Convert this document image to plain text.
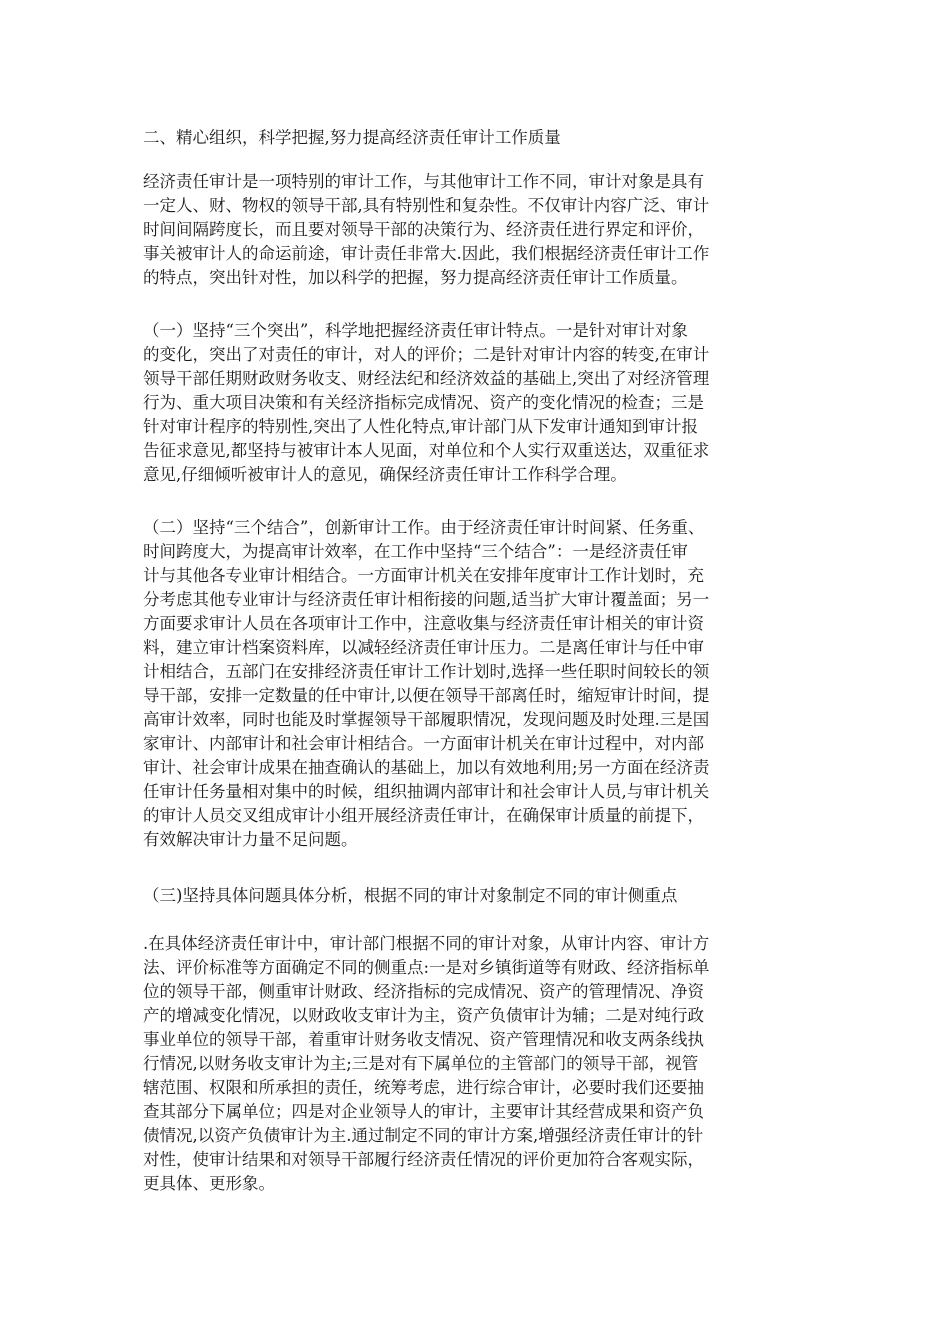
二、精心组织，科学把握,努力提高经济责任审计工作质量

经济责任审计是一项特别的审计工作，与其他审计工作不同，审计对象是具有
一定人、财、物权的领导干部,具有特别性和复杂性。不仅审计内容广泛、审计
时间间隔跨度长，而且要对领导干部的决策行为、经济责任进行界定和评价，
事关被审计人的命运前途，审计责任非常大.因此，我们根据经济责任审计工作
的特点，突出针对性，加以科学的把握，努力提高经济责任审计工作质量。

（一）坚持“三个突出”，科学地把握经济责任审计特点。一是针对审计对象
的变化，突出了对责任的审计，对人的评价；二是针对审计内容的转变,在审计
领导干部任期财政财务收支、财经法纪和经济效益的基础上,突出了对经济管理
行为、重大项目决策和有关经济指标完成情况、资产的变化情况的检查；三是
针对审计程序的特别性,突出了人性化特点,审计部门从下发审计通知到审计报
告征求意见,都坚持与被审计本人见面，对单位和个人实行双重送达，双重征求
意见,仔细倾听被审计人的意见，确保经济责任审计工作科学合理。

（二）坚持“三个结合”，创新审计工作。由于经济责任审计时间紧、任务重、
时间跨度大，为提高审计效率，在工作中坚持“三个结合”：一是经济责任审
计与其他各专业审计相结合。一方面审计机关在安排年度审计工作计划时，充
分考虑其他专业审计与经济责任审计相衔接的问题,适当扩大审计覆盖面；另一
方面要求审计人员在各项审计工作中，注意收集与经济责任审计相关的审计资
料，建立审计档案资料库，以减轻经济责任审计压力。二是离任审计与任中审
计相结合，五部门在安排经济责任审计工作计划时,选择一些任职时间较长的领
导干部，安排一定数量的任中审计,以便在领导干部离任时，缩短审计时间，提
高审计效率，同时也能及时掌握领导干部履职情况，发现问题及时处理.三是国
家审计、内部审计和社会审计相结合。一方面审计机关在审计过程中，对内部
审计、社会审计成果在抽查确认的基础上，加以有效地利用;另一方面在经济责
任审计任务量相对集中的时候，组织抽调内部审计和社会审计人员,与审计机关
的审计人员交叉组成审计小组开展经济责任审计，在确保审计质量的前提下，
有效解决审计力量不足问题。

（三)坚持具体问题具体分析，根据不同的审计对象制定不同的审计侧重点

.在具体经济责任审计中，审计部门根据不同的审计对象，从审计内容、审计方
法、评价标准等方面确定不同的侧重点:一是对乡镇街道等有财政、经济指标单
位的领导干部，侧重审计财政、经济指标的完成情况、资产的管理情况、净资
产的增减变化情况，以财政收支审计为主，资产负债审计为辅；二是对纯行政
事业单位的领导干部，着重审计财务收支情况、资产管理情况和收支两条线执
行情况,以财务收支审计为主;三是对有下属单位的主管部门的领导干部，视管
辖范围、权限和所承担的责任，统筹考虑，进行综合审计，必要时我们还要抽
查其部分下属单位；四是对企业领导人的审计，主要审计其经营成果和资产负
债情况,以资产负债审计为主.通过制定不同的审计方案,增强经济责任审计的针
对性，使审计结果和对领导干部履行经济责任情况的评价更加符合客观实际，
更具体、更形象。
